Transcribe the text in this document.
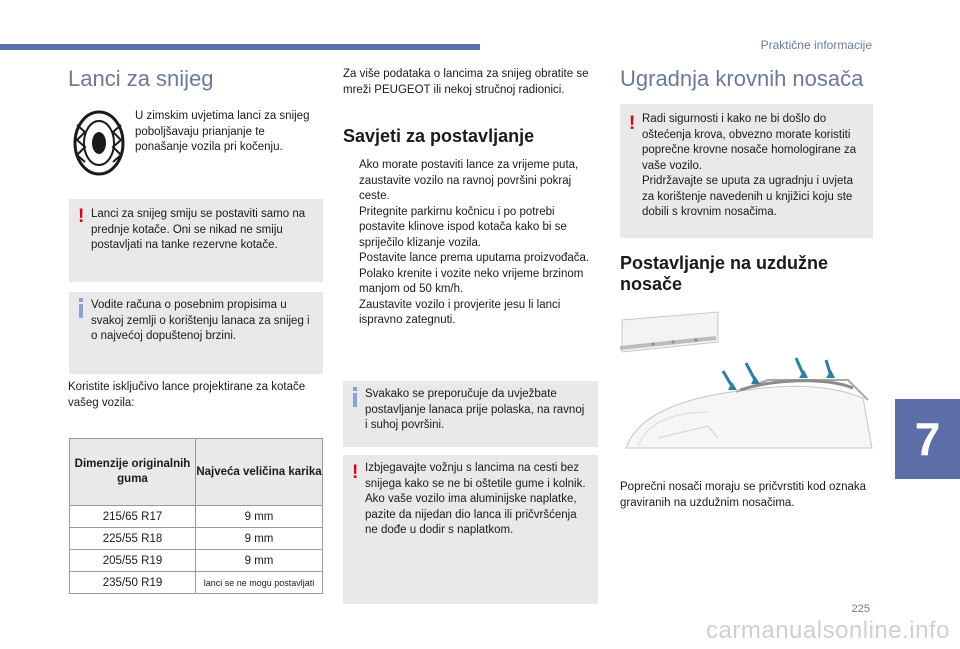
Praktične informacije
Lanci za snijeg
U zimskim uvjetima lanci za snijeg poboljšavaju prianjanje te ponašanje vozila pri kočenju.
! Lanci za snijeg smiju se postaviti samo na prednje kotače. Oni se nikad ne smiju postavljati na tanke rezervne kotače.
Vodite računa o posebnim propisima u svakoj zemlji o korištenju lanaca za snijeg i o najvećoj dopuštenoj brzini.
Koristite isključivo lance projektirane za kotače vašeg vozila:
Dimenzije originalnih guma	Najveća veličina karika
215/65 R17	9 mm
225/55 R18	9 mm
205/55 R19	9 mm
235/50 R19	lanci se ne mogu postavljati
Za više podataka o lancima za snijeg obratite se mreži PEUGEOT ili nekoj stručnoj radionici.
Savjeti za postavljanje
Ako morate postaviti lance za vrijeme puta, zaustavite vozilo na ravnoj površini pokraj ceste.
Pritegnite parkirnu kočnicu i po potrebi postavite klinove ispod kotača kako bi se spriječilo klizanje vozila.
Postavite lance prema uputama proizvođača.
Polako krenite i vozite neko vrijeme brzinom manjom od 50 km/h.
Zaustavite vozilo i provjerite jesu li lanci ispravno zategnuti.
Svakako se preporučuje da uvježbate postavljanje lanaca prije polaska, na ravnoj i suhoj površini.
! Izbjegavajte vožnju s lancima na cesti bez snijega kako se ne bi oštetile gume i kolnik. Ako vaše vozilo ima aluminijske naplatke, pazite da nijedan dio lanca ili pričvršćenja ne dođe u dodir s naplatkom.
Ugradnja krovnih nosača
! Radi sigurnosti i kako ne bi došlo do oštećenja krova, obvezno morate koristiti poprečne krovne nosače homologirane za vaše vozilo.
Pridržavajte se uputa za ugradnju i uvjeta za korištenje navedenih u knjižici koju ste dobili s krovnim nosačima.
Postavljanje na uzdužne nosače
Poprečni nosači moraju se pričvrstiti kod oznaka graviranih na uzdužnim nosačima.
7
225
carmanualsonline.info
